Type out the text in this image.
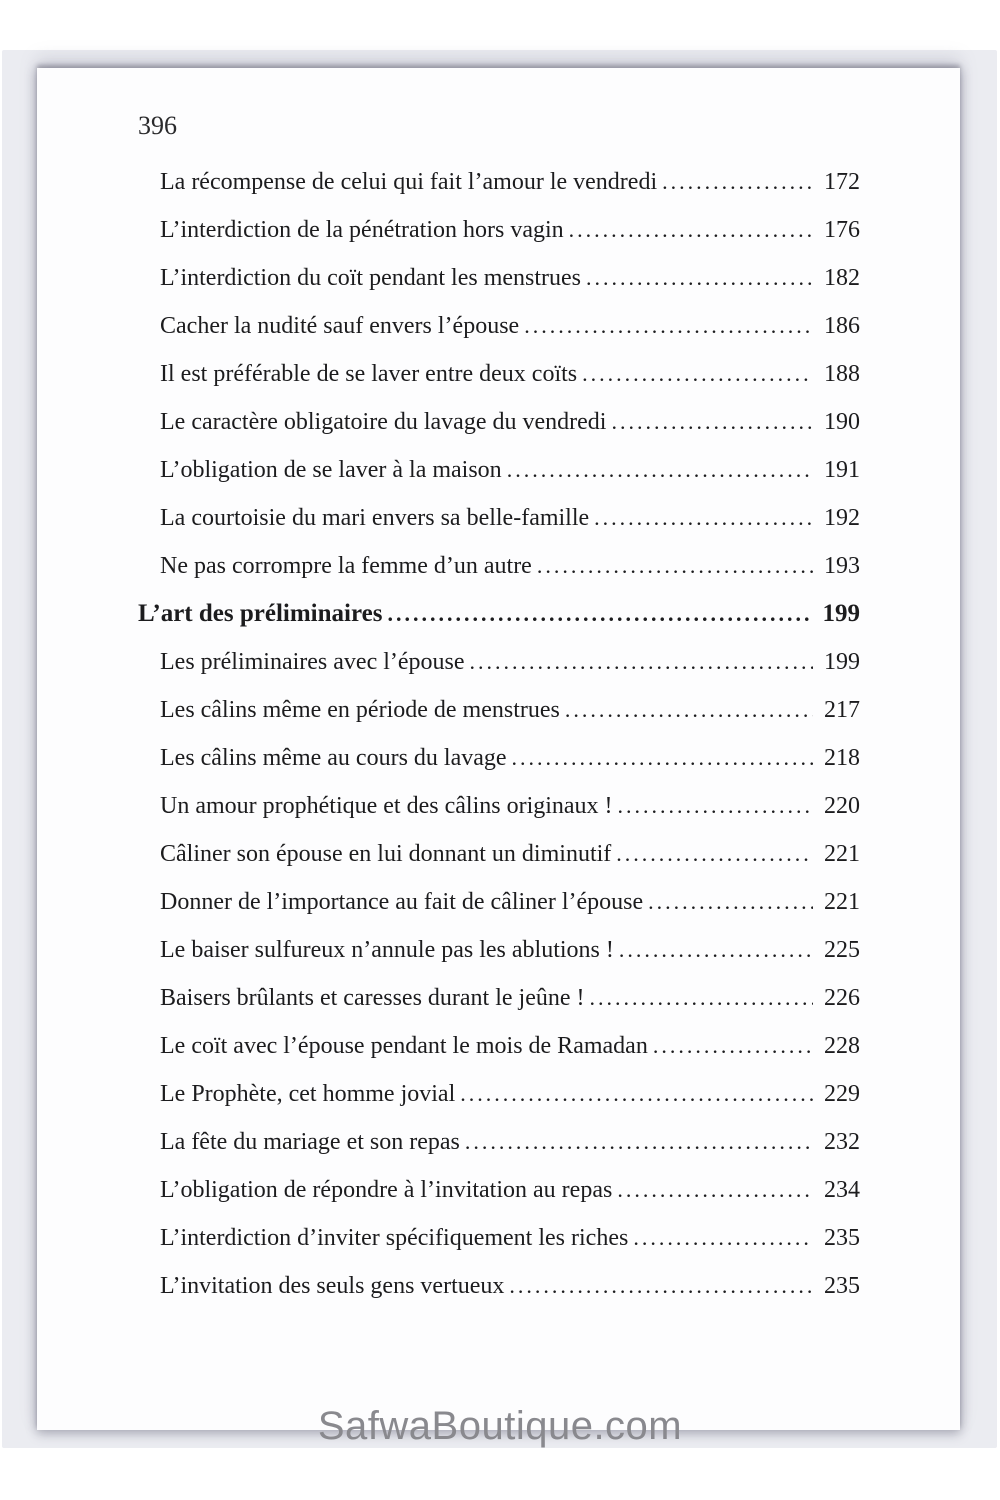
396
La récompense de celui qui fait l’amour le vendredi .....	172
L’interdiction de la pénétration hors vagin .....	176
L’interdiction du coït pendant les menstrues .....	182
Cacher la nudité sauf envers l’épouse .....	186
Il est préférable de se laver entre deux coïts .....	188
Le caractère obligatoire du lavage du vendredi .....	190
L’obligation de se laver à la maison .....	191
La courtoisie du mari envers sa belle-famille .....	192
Ne pas corrompre la femme d’un autre .....	193
L’art des préliminaires .....	199
Les préliminaires avec l’épouse .....	199
Les câlins même en période de menstrues .....	217
Les câlins même au cours du lavage .....	218
Un amour prophétique et des câlins originaux ! .....	220
Câliner son épouse en lui donnant un diminutif .....	221
Donner de l’importance au fait de câliner l’épouse .....	221
Le baiser sulfureux n’annule pas les ablutions ! .....	225
Baisers brûlants et caresses durant le jeûne ! .....	226
Le coït avec l’épouse pendant le mois de Ramadan .....	228
Le Prophète, cet homme jovial .....	229
La fête du mariage et son repas .....	232
L’obligation de répondre à l’invitation au repas .....	234
L’interdiction d’inviter spécifiquement les riches .....	235
L’invitation des seuls gens vertueux .....	235
SafwaBoutique.com
